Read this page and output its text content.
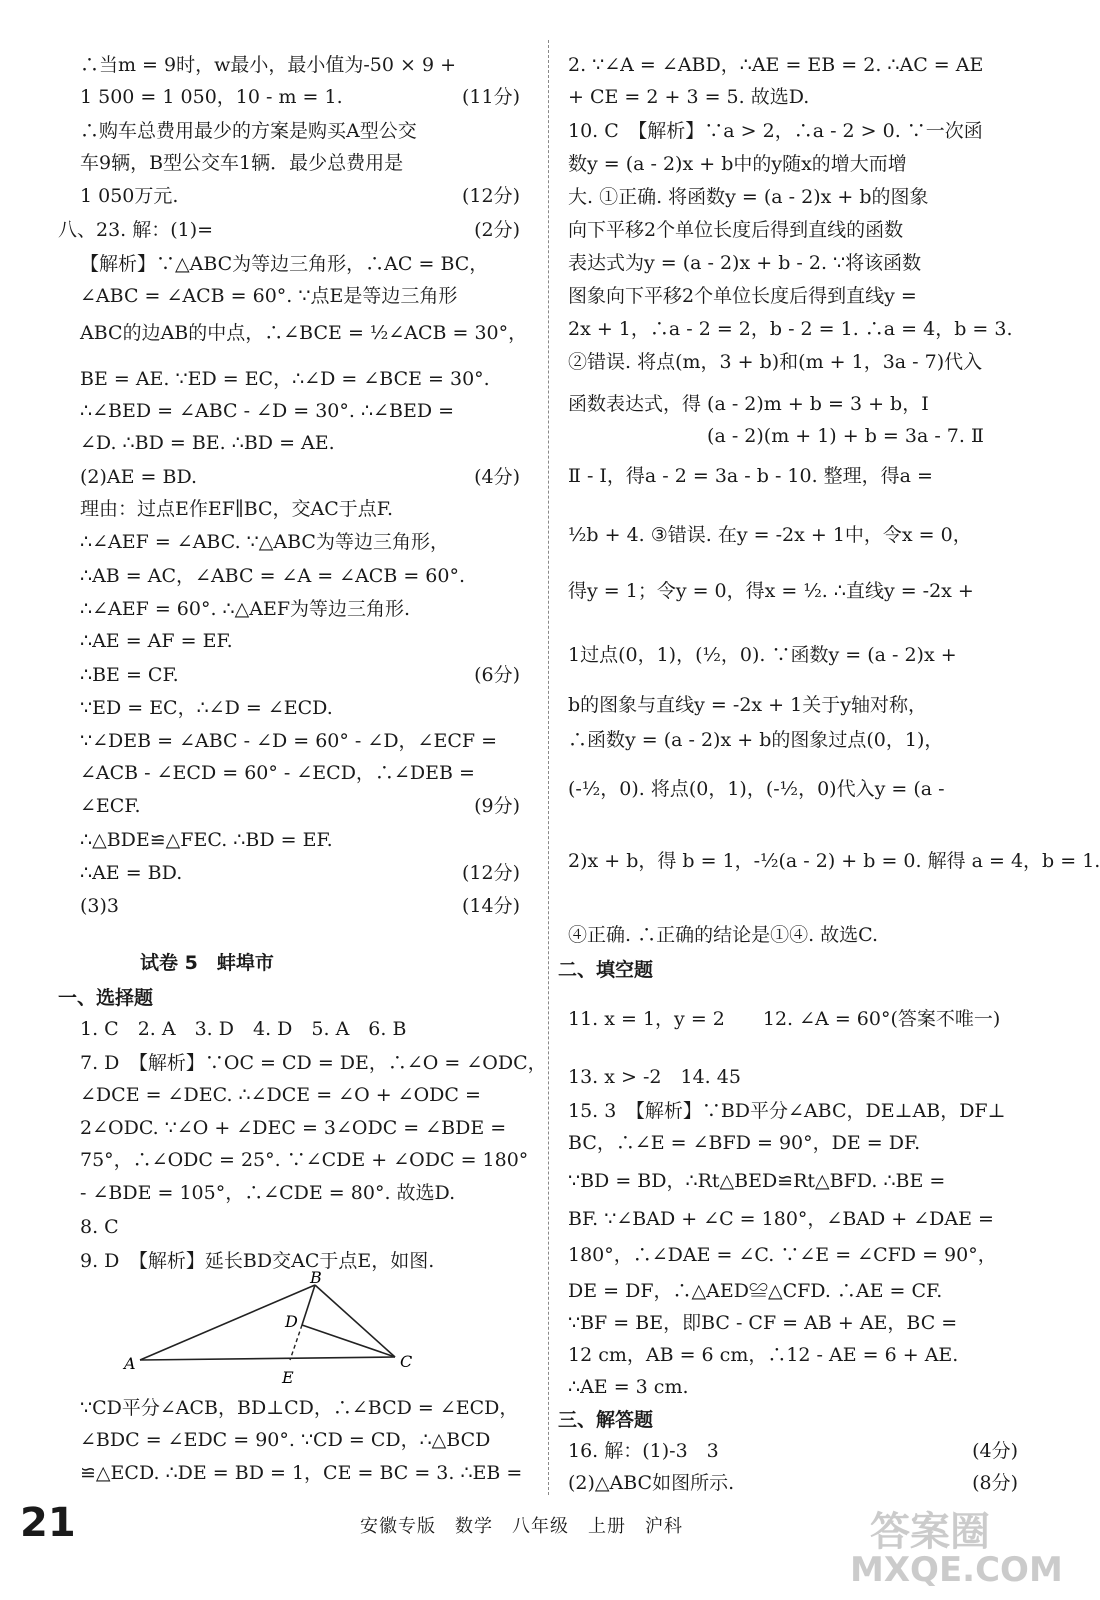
∴当m = 9时，w最小，最小值为-50 × 9 +
1 500 = 1 050，10 - m = 1.	(11分)
∴购车总费用最少的方案是购买A型公交
车9辆，B型公交车1辆．最少总费用是
1 050万元.	(12分)
八、23. 解：(1)=	(2分)
【解析】∵△ABC为等边三角形，∴AC = BC，
∠ABC = ∠ACB = 60°. ∵点E是等边三角形
ABC的边AB的中点，∴∠BCE = ½∠ACB = 30°，
BE = AE. ∵ED = EC，∴∠D = ∠BCE = 30°.
∴∠BED = ∠ABC - ∠D = 30°. ∴∠BED =
∠D. ∴BD = BE. ∴BD = AE.
(2)AE = BD.	(4分)
理由：过点E作EF∥BC，交AC于点F.
∴∠AEF = ∠ABC. ∵△ABC为等边三角形，
∴AB = AC，∠ABC = ∠A = ∠ACB = 60°.
∴∠AEF = 60°. ∴△AEF为等边三角形.
∴AE = AF = EF.
∴BE = CF.	(6分)
∵ED = EC，∴∠D = ∠ECD.
∵∠DEB = ∠ABC - ∠D = 60° - ∠D，∠ECF =
∠ACB - ∠ECD = 60° - ∠ECD，∴∠DEB =
∠ECF.	(9分)
∴△BDE≌△FEC. ∴BD = EF.
∴AE = BD.	(12分)
(3)3	(14分)
试卷 5　蚌埠市
一、选择题
1. C　2. A　3. D　4. D　5. A　6. B
7. D　【解析】∵OC = CD = DE，∴∠O = ∠ODC，
∠DCE = ∠DEC. ∴∠DCE = ∠O + ∠ODC =
2∠ODC. ∵∠O + ∠DEC = 3∠ODC = ∠BDE =
75°，∴∠ODC = 25°. ∵∠CDE + ∠ODC = 180°
- ∠BDE = 105°，∴∠CDE = 80°. 故选D.
8. C
9. D　【解析】延长BD交AC于点E，如图.
∵CD平分∠ACB，BD⊥CD，∴∠BCD = ∠ECD，
∠BDC = ∠EDC = 90°. ∵CD = CD，∴△BCD
≌△ECD. ∴DE = BD = 1，CE = BC = 3. ∴EB =
2. ∵∠A = ∠ABD，∴AE = EB = 2. ∴AC = AE
+ CE = 2 + 3 = 5. 故选D.
10. C　【解析】∵a > 2，∴a - 2 > 0. ∵一次函
数y = (a - 2)x + b中的y随x的增大而增
大. ①正确. 将函数y = (a - 2)x + b的图象
向下平移2个单位长度后得到直线的函数
表达式为y = (a - 2)x + b - 2. ∵将该函数
图象向下平移2个单位长度后得到直线y =
2x + 1，∴a - 2 = 2，b - 2 = 1. ∴a = 4，b = 3.
②错误. 将点(m，3 + b)和(m + 1，3a - 7)代入
函数表达式，得 (a - 2)m + b = 3 + b，Ⅰ
　　　　　　　 (a - 2)(m + 1) + b = 3a - 7. Ⅱ
Ⅱ - Ⅰ，得a - 2 = 3a - b - 10. 整理，得a =
½b + 4. ③错误. 在y = -2x + 1中，令x = 0，
得y = 1；令y = 0，得x = ½. ∴直线y = -2x +
1过点(0，1)，(½，0). ∵函数y = (a - 2)x +
b的图象与直线y = -2x + 1关于y轴对称，
∴函数y = (a - 2)x + b的图象过点(0，1)，
(-½，0). 将点(0，1)，(-½，0)代入y = (a -
2)x + b，得 b = 1，-½(a - 2) + b = 0. 解得 a = 4，b = 1.
④正确. ∴正确的结论是①④. 故选C.
二、填空题
11. x = 1，y = 2　　12. ∠A = 60°(答案不唯一)
13. x > -2　14. 45
15. 3　【解析】∵BD平分∠ABC，DE⊥AB，DF⊥
BC，∴∠E = ∠BFD = 90°，DE = DF.
∵BD = BD，∴Rt△BED≌Rt△BFD. ∴BE =
BF. ∵∠BAD + ∠C = 180°，∠BAD + ∠DAE =
180°，∴∠DAE = ∠C. ∵∠E = ∠CFD = 90°，
DE = DF，∴△AED≌△CFD. ∴AE = CF.
∵BF = BE，即BC - CF = AB + AE，BC =
12 cm，AB = 6 cm，∴12 - AE = 6 + AE.
∴AE = 3 cm.
三、解答题
16. 解：(1)-3　3	(4分)
(2)△ABC如图所示.	(8分)
B
A	C
D
E
21	安徽专版　数学　八年级　上册　沪科	答案圈
MXQE.COM
